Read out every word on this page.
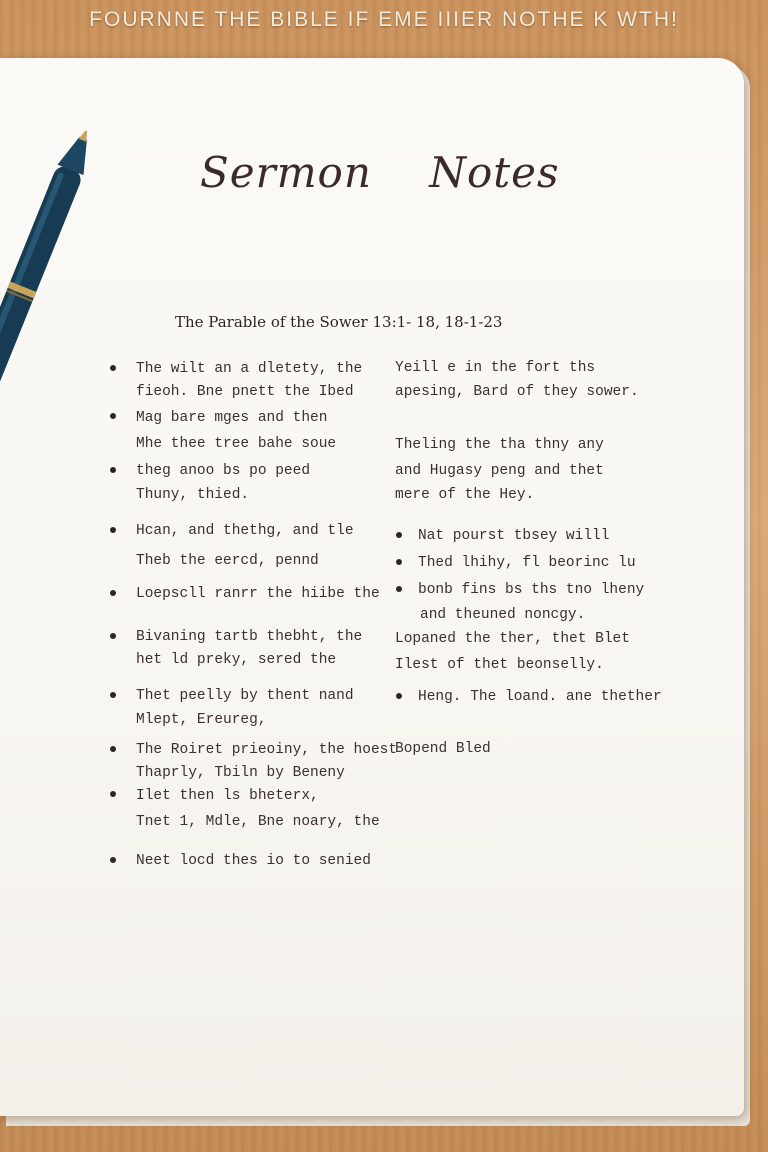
FOURNNE THE BIBLE IF EME IIIER NOTHE K WTH!
Sermon    Notes
The Parable of the Sower 13:1- 18, 18-1-23
The wilt an a dletety, the
fieoh. Bne pnett the Ibed
Mag bare mges and then
Mhe thee tree bahe soue
theg anoo bs po peed
Thuny, thied.
Hcan, and thethg, and tle
Theb the eercd, pennd
Loepscll ranrr the hiibe the
Bivaning tartb thebht, the
het ld preky, sered the
Thet peelly by thent nand
Mlept, Ereureg,
The Roiret prieoiny, the hoest
Thaprly, Tbiln by Beneny
Ilet then ls bheterx,
Tnet 1, Mdle, Bne noary, the
Neet locd thes io to senied
Yeill e in the fort ths
apesing, Bard of they sower.
Theling the tha thny any
and Hugasy peng and thet
mere of the Hey.
Nat pourst tbsey willl
Thed lhihy, fl beorinc lu
bonb fins bs ths tno lheny
and theuned noncgy.
Lopaned the ther, thet Blet
Ilest of thet beonselly.
Heng. The loand. ane thether
Bopend Bled
